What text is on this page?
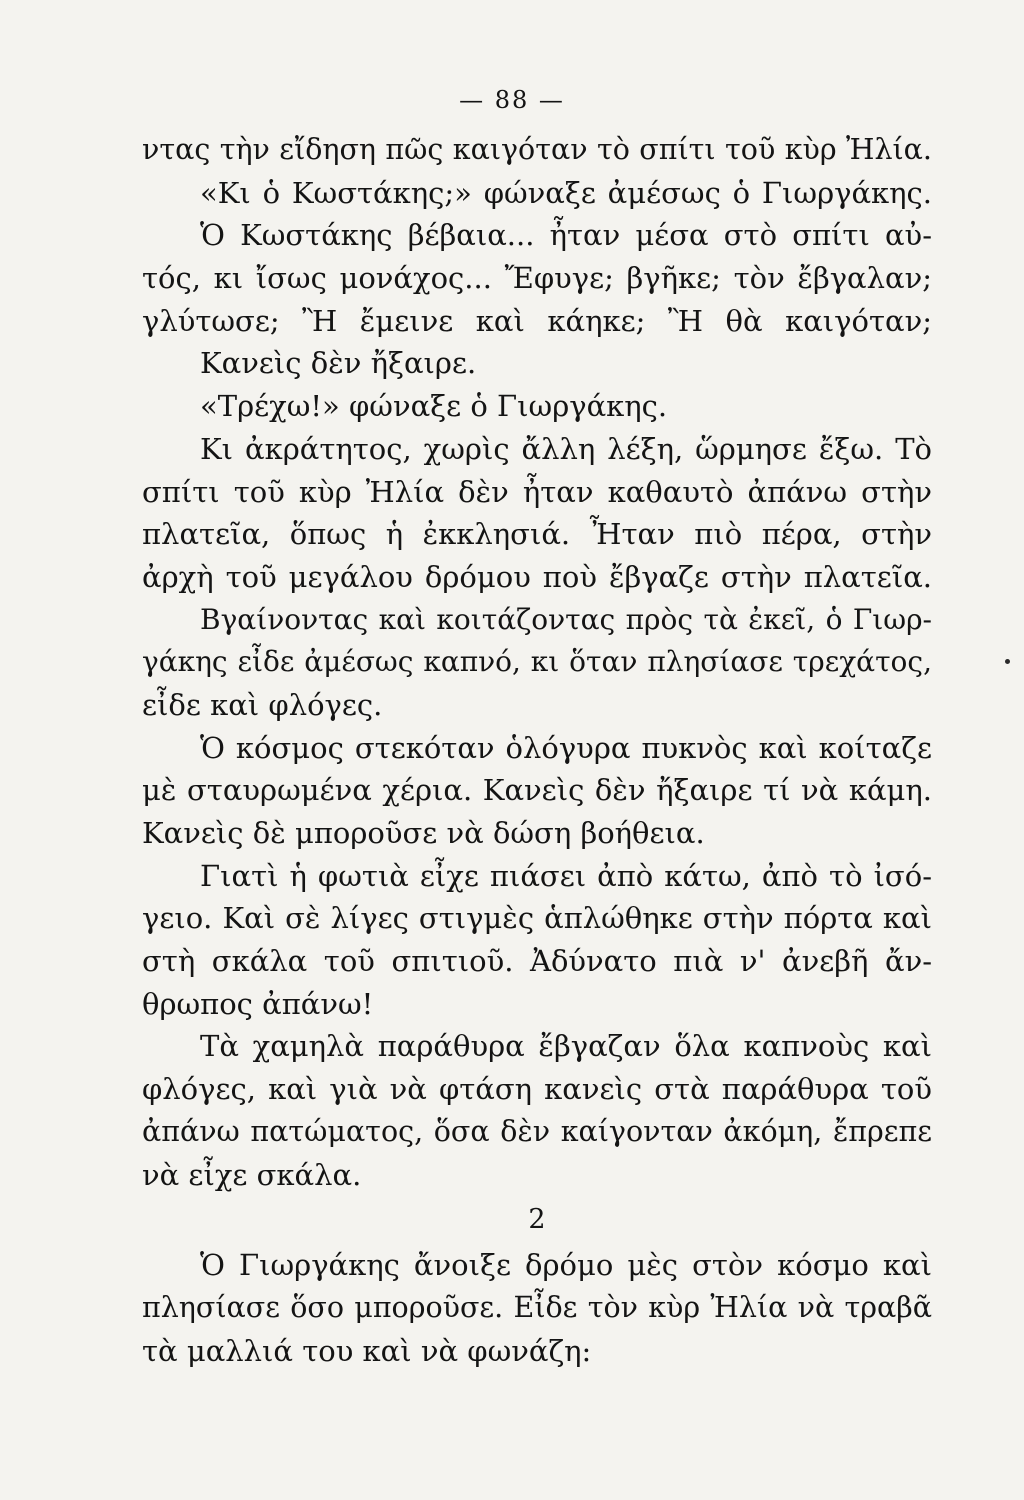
— 88 —
ντας τὴν εἴδηση πῶς καιγόταν τὸ σπίτι τοῦ κὺρ Ἠλία.
«Κι ὁ Κωστάκης;» φώναξε ἀμέσως ὁ Γιωργάκης.
Ὁ Κωστάκης βέβαια... ἦταν μέσα στὸ σπίτι αὐ-
τός, κι ἴσως μονάχος... Ἔφυγε; βγῆκε; τὸν ἔβγαλαν;
γλύτωσε; Ἢ ἔμεινε καὶ κάηκε; Ἢ θὰ καιγόταν;
Κανεὶς δὲν ἤξαιρε.
«Τρέχω!» φώναξε ὁ Γιωργάκης.
Κι ἀκράτητος, χωρὶς ἄλλη λέξη, ὥρμησε ἔξω. Τὸ
σπίτι τοῦ κὺρ Ἠλία δὲν ἦταν καθαυτὸ ἀπάνω στὴν
πλατεῖα, ὅπως ἡ ἐκκλησιά. Ἦταν πιὸ πέρα, στὴν
ἀρχὴ τοῦ μεγάλου δρόμου ποὺ ἔβγαζε στὴν πλατεῖα.
Βγαίνοντας καὶ κοιτάζοντας πρὸς τὰ ἐκεῖ, ὁ Γιωρ-
γάκης εἶδε ἀμέσως καπνό, κι ὅταν πλησίασε τρεχάτος,
εἶδε καὶ φλόγες.
Ὁ κόσμος στεκόταν ὁλόγυρα πυκνὸς καὶ κοίταζε
μὲ σταυρωμένα χέρια. Κανεὶς δὲν ἤξαιρε τί νὰ κάμη.
Κανεὶς δὲ μποροῦσε νὰ δώση βοήθεια.
Γιατὶ ἡ φωτιὰ εἶχε πιάσει ἀπὸ κάτω, ἀπὸ τὸ ἰσό-
γειο. Καὶ σὲ λίγες στιγμὲς ἁπλώθηκε στὴν πόρτα καὶ
στὴ σκάλα τοῦ σπιτιοῦ. Ἀδύνατο πιὰ ν' ἀνεβῆ ἄν-
θρωπος ἀπάνω!
Τὰ χαμηλὰ παράθυρα ἔβγαζαν ὅλα καπνοὺς καὶ
φλόγες, καὶ γιὰ νὰ φτάση κανεὶς στὰ παράθυρα τοῦ
ἀπάνω πατώματος, ὅσα δὲν καίγονταν ἀκόμη, ἔπρεπε
νὰ εἶχε σκάλα.
2
Ὁ Γιωργάκης ἄνοιξε δρόμο μὲς στὸν κόσμο καὶ
πλησίασε ὅσο μποροῦσε. Εἶδε τὸν κὺρ Ἠλία νὰ τραβᾶ
τὰ μαλλιά του καὶ νὰ φωνάζη:
